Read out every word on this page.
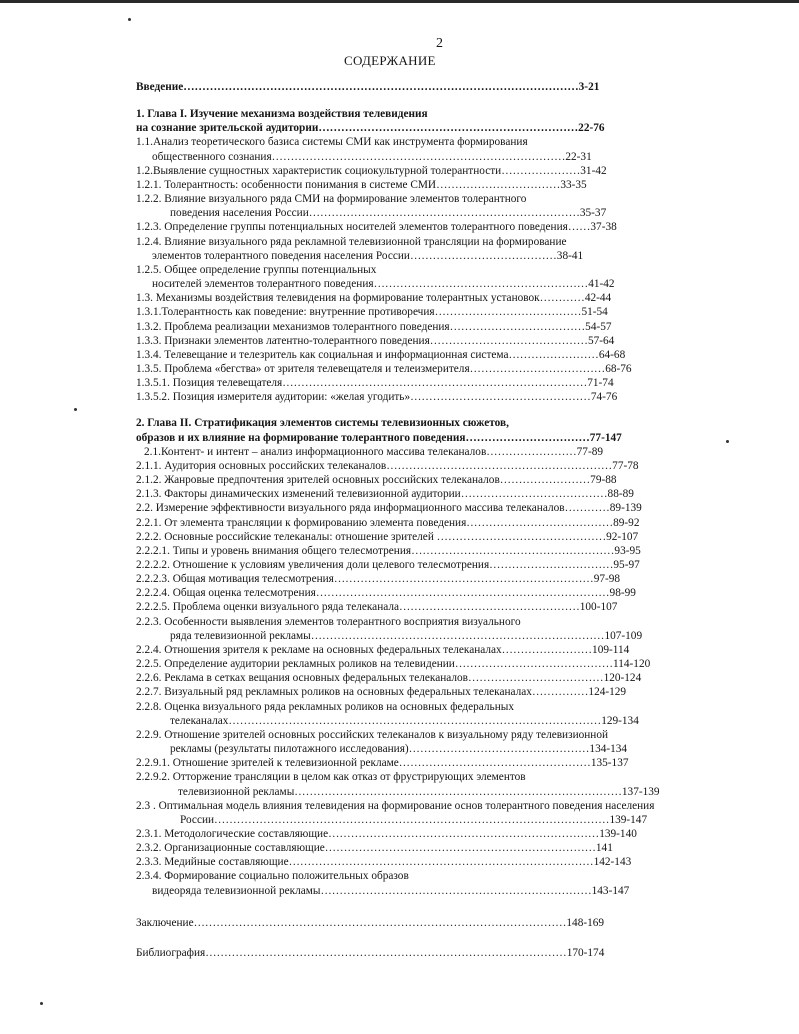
2
СОДЕРЖАНИЕ
Введение……………………………………………………………………………………………3-21
1. Глава I. Изучение механизма воздействия телевидения
на сознание зрительской аудитории……………………………………………………………22-76
1.1.Анализ теоретического базиса системы СМИ как инструмента формирования
общественного сознания……………………………………………………………………22-31
1.2.Выявление сущностных характеристик социокультурной толерантности…………………31-42
1.2.1. Толерантность: особенности понимания в системе СМИ……………………………33-35
1.2.2. Влияние визуального ряда СМИ на формирование элементов толерантного
поведения населения России………………………………………………………………35-37
1.2.3. Определение группы потенциальных носителей элементов толерантного поведения……37-38
1.2.4. Влияние визуального ряда рекламной телевизионной трансляции на формирование
элементов толерантного поведения населения России…………………………………38-41
1.2.5. Общее определение группы потенциальных
носителей элементов толерантного поведения…………………………………………………41-42
1.3. Механизмы воздействия телевидения на формирование толерантных установок…………42-44
1.3.1.Толерантность как поведение: внутренние противоречия…………………………………51-54
1.3.2. Проблема реализации механизмов толерантного поведения………………………………54-57
1.3.3. Признаки элементов латентно-толерантного поведения……………………………………57-64
1.3.4. Телевещание и телезритель как социальная и информационная система……………………64-68
1.3.5. Проблема «бегства» от зрителя телевещателя и телеизмерителя………………………………68-76
1.3.5.1. Позиция телевещателя………………………………………………………………………71-74
1.3.5.2. Позиция измерителя аудитории: «желая угодить»…………………………………………74-76
2. Глава II. Стратификация элементов системы телевизионных сюжетов,
образов и их влияние на формирование толерантного поведения……………………………77-147
2.1.Контент- и интент – анализ информационного массива телеканалов……………………77-89
2.1.1. Аудитория основных российских телеканалов……………………………………………………77-78
2.1.2. Жанровые предпочтения зрителей основных российских телеканалов……………………79-88
2.1.3. Факторы динамических изменений телевизионной аудитории…………………………………88-89
2.2. Измерение эффективности визуального ряда информационного массива телеканалов…………89-139
2.2.1. От элемента трансляции к формированию элемента поведения…………………………………89-92
2.2.2. Основные российские телеканалы: отношение зрителей ………………………………………92-107
2.2.2.1. Типы и уровень внимания общего телесмотрения………………………………………………93-95
2.2.2.2. Отношение к условиям увеличения доли целевого телесмотрения……………………………95-97
2.2.2.3. Общая мотивация телесмотрения……………………………………………………………97-98
2.2.2.4. Общая оценка телесмотрения……………………………………………………………………98-99
2.2.2.5. Проблема оценки визуального ряда телеканала…………………………………………100-107
2.2.3. Особенности выявления элементов толерантного восприятия визуального
ряда телевизионной рекламы……………………………………………………………………107-109
2.2.4. Отношения зрителя к рекламе на основных федеральных телеканалах……………………109-114
2.2.5. Определение аудитории рекламных роликов на телевидении……………………………………114-120
2.2.6. Реклама в сетках вещания основных федеральных телеканалов………………………………120-124
2.2.7. Визуальный ряд рекламных роликов на основных федеральных телеканалах……………124-129
2.2.8. Оценка визуального ряда рекламных роликов на основных федеральных
телеканалах………………………………………………………………………………………129-134
2.2.9. Отношение зрителей основных российских телеканалов к визуальному ряду телевизионной
рекламы (результаты пилотажного исследования)…………………………………………134-134
2.2.9.1. Отношение зрителей к телевизионной рекламе……………………………………………135-137
2.2.9.2. Отторжение трансляции в целом как отказ от фрустрирующих элементов
телевизионной рекламы……………………………………………………………………………137-139
2.3 . Оптимальная модель влияния телевидения на формирование основ толерантного поведения населения
России……………………………………………………………………………………………139-147
2.3.1. Методологические составляющие………………………………………………………………139-140
2.3.2. Организационные составляющие………………………………………………………………141
2.3.3. Медийные составляющие………………………………………………………………………142-143
2.3.4. Формирование социально положительных образов
видеоряда телевизионной рекламы………………………………………………………………143-147
Заключение………………………………………………………………………………………148-169
Библиография……………………………………………………………………………………170-174
